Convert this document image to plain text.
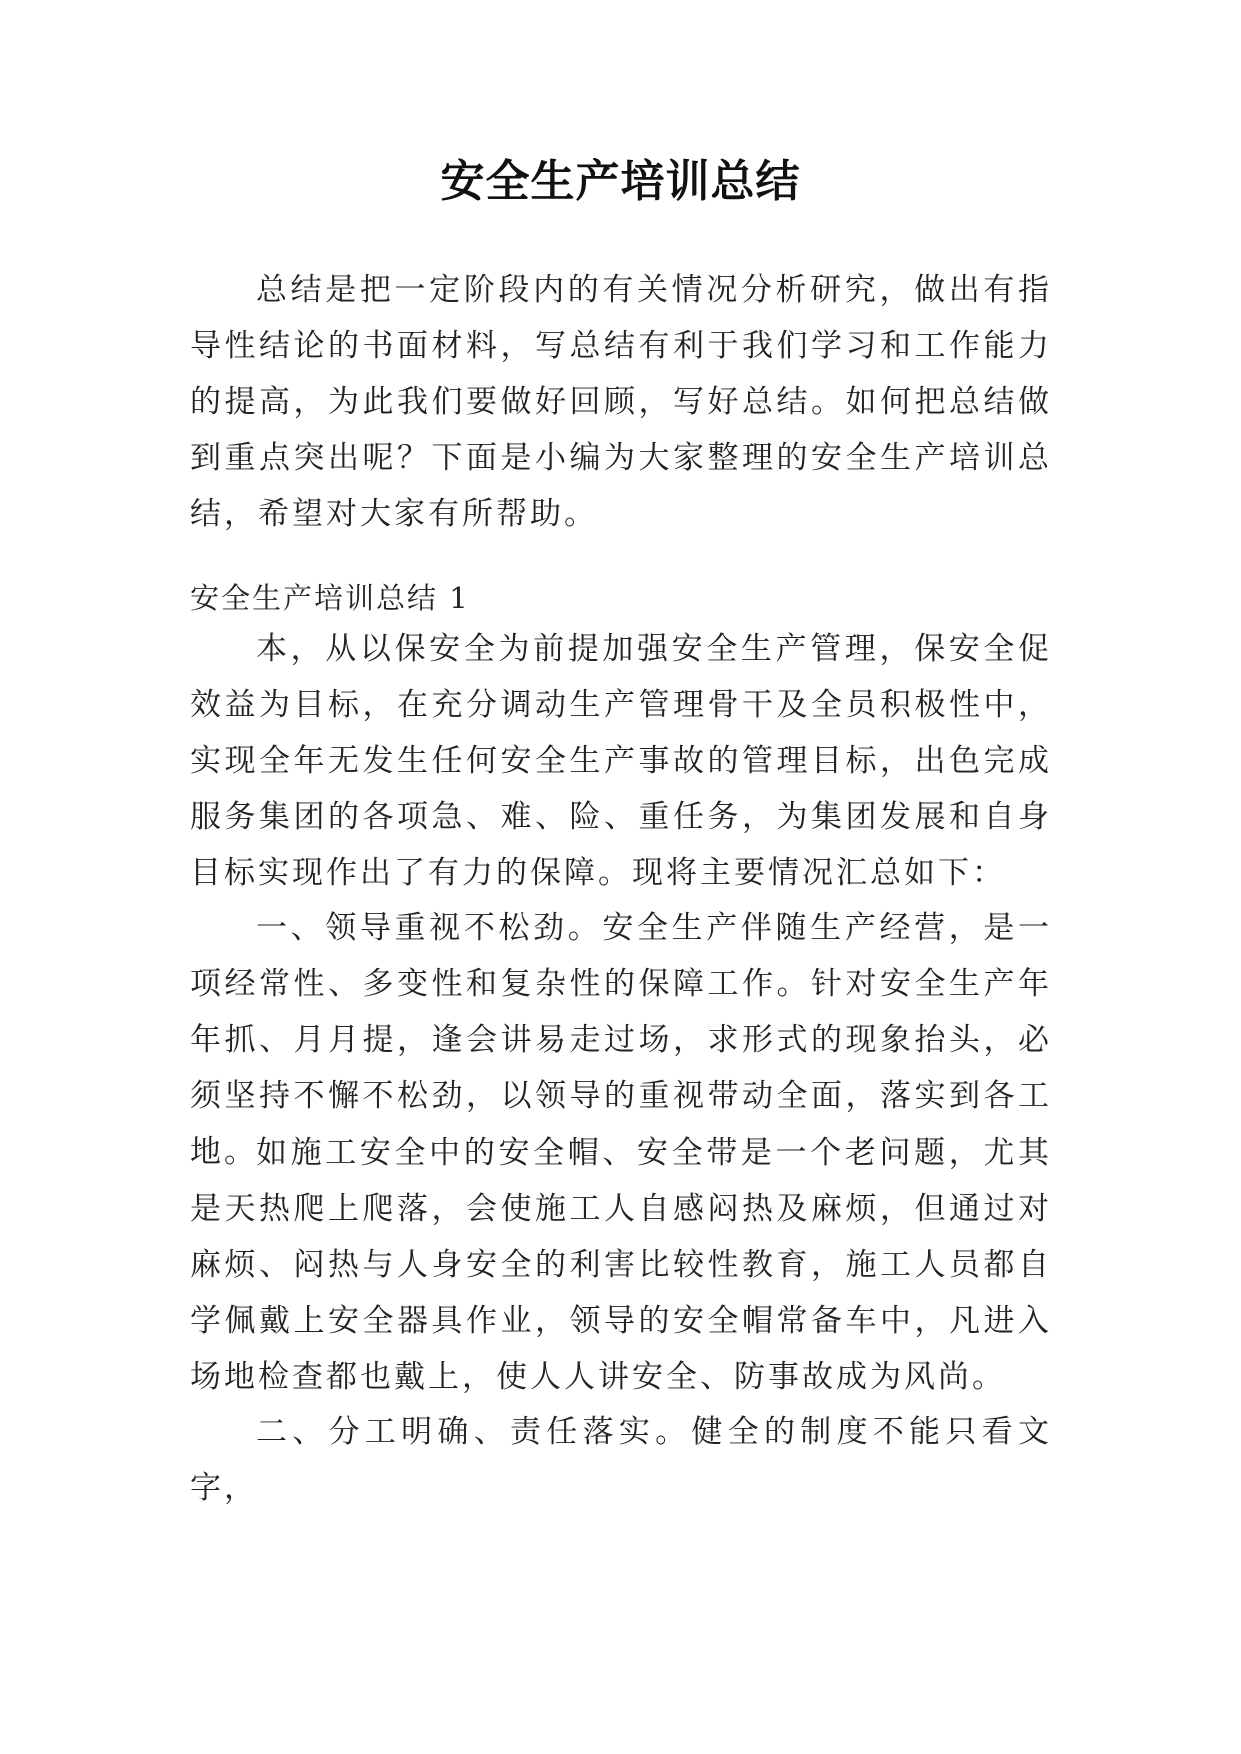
安全生产培训总结

总结是把一定阶段内的有关情况分析研究，做出有指导性结论的书面材料，写总结有利于我们学习和工作能力的提高，为此我们要做好回顾，写好总结。如何把总结做到重点突出呢？下面是小编为大家整理的安全生产培训总结，希望对大家有所帮助。

安全生产培训总结 1

本，从以保安全为前提加强安全生产管理，保安全促效益为目标，在充分调动生产管理骨干及全员积极性中，实现全年无发生任何安全生产事故的管理目标，出色完成服务集团的各项急、难、险、重任务，为集团发展和自身目标实现作出了有力的保障。现将主要情况汇总如下：

一、领导重视不松劲。安全生产伴随生产经营，是一项经常性、多变性和复杂性的保障工作。针对安全生产年年抓、月月提，逢会讲易走过场，求形式的现象抬头，必须坚持不懈不松劲，以领导的重视带动全面，落实到各工地。

如施工安全中的安全帽、安全带是一个老问题，尤其是天热爬上爬落，会使施工人自感闷热及麻烦，但通过对麻烦、闷热与人身安全的利害比较性教育，施工人员都自学佩戴上安全器具作业，领导的安全帽常备车中，凡进入场地检查都也戴上，使人人讲安全、防事故成为风尚。

二、分工明确、责任落实。健全的制度不能只看文字，
